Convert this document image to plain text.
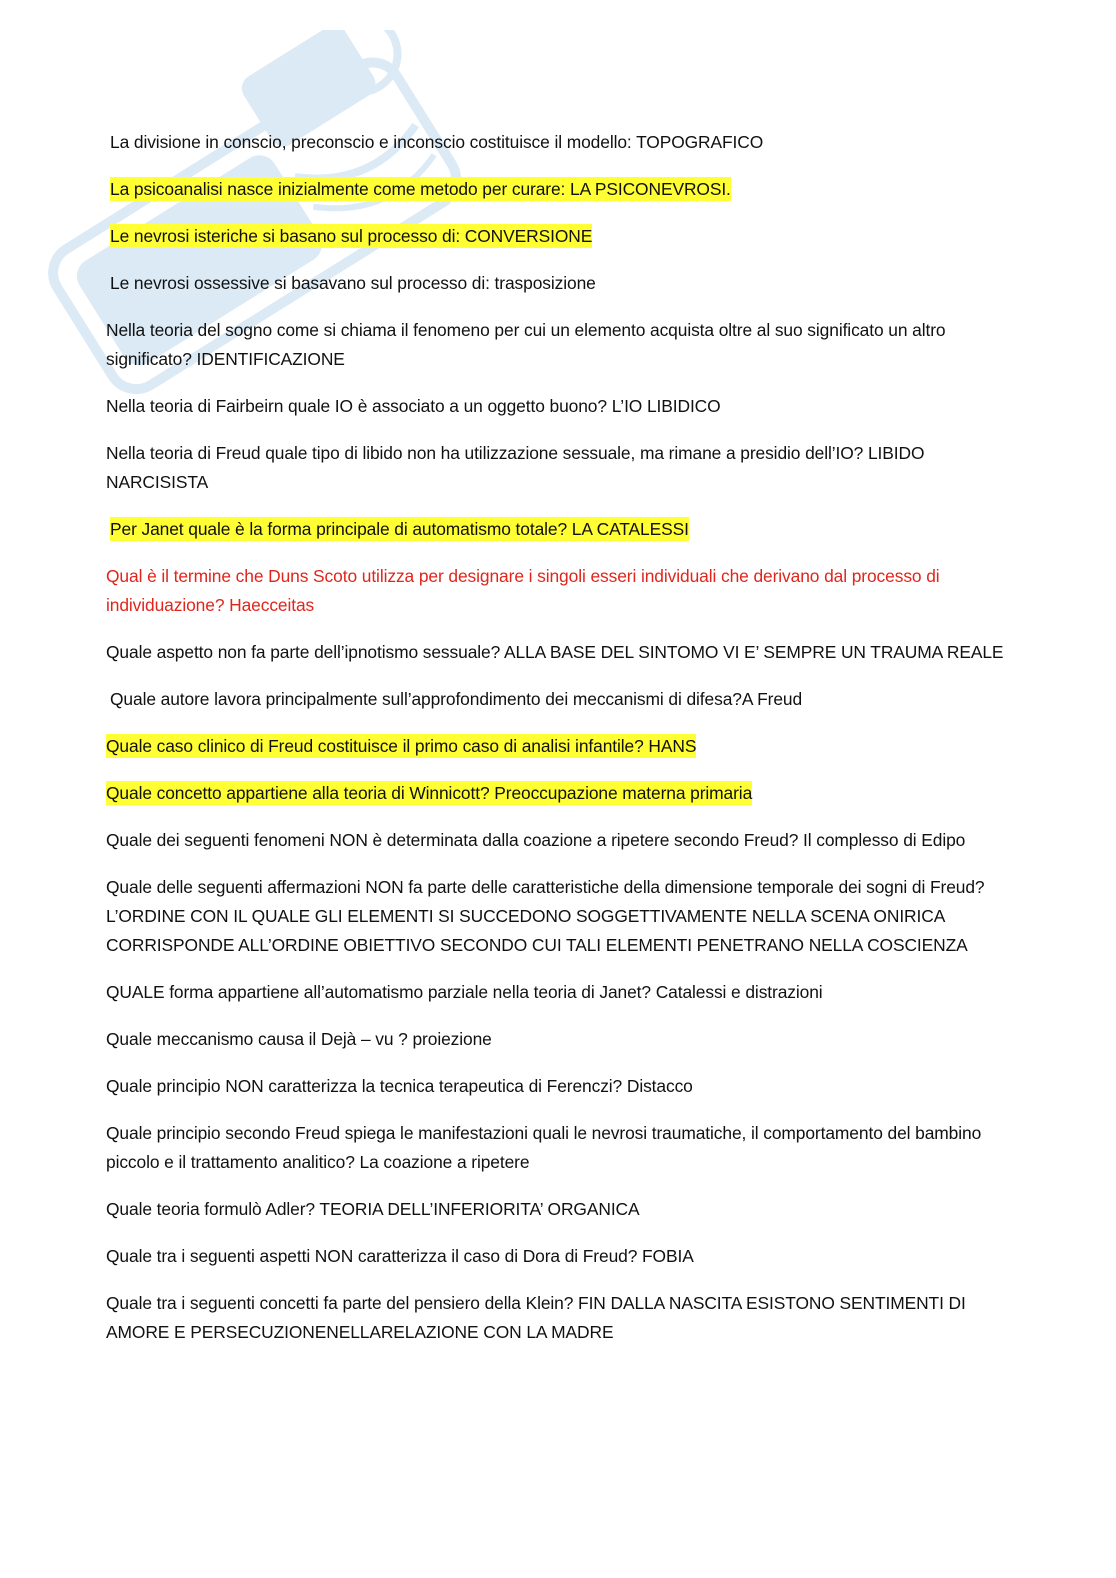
La divisione in conscio, preconscio e inconscio costituisce il modello: TOPOGRAFICO

La psicoanalisi nasce inizialmente come metodo per curare: LA PSICONEVROSI.

Le nevrosi isteriche si basano sul processo di: CONVERSIONE

Le nevrosi ossessive si basavano sul processo di: trasposizione

Nella teoria del sogno come si chiama il fenomeno per cui un elemento acquista oltre al suo significato un altro significato? IDENTIFICAZIONE

Nella teoria di Fairbeirn quale IO è associato a un oggetto buono? L’IO LIBIDICO

Nella teoria di Freud quale tipo di libido non ha utilizzazione sessuale, ma rimane a presidio dell’IO? LIBIDO NARCISISTA

Per Janet quale è la forma principale di automatismo totale? LA CATALESSI

Qual è il termine che Duns Scoto utilizza per designare i singoli esseri individuali che derivano dal processo di individuazione? Haecceitas

Quale aspetto non fa parte dell’ipnotismo sessuale? ALLA BASE DEL SINTOMO VI E’ SEMPRE UN TRAUMA REALE

Quale autore lavora principalmente sull’approfondimento dei meccanismi di difesa?A Freud

Quale caso clinico di Freud costituisce il primo caso di analisi infantile? HANS

Quale concetto appartiene alla teoria di Winnicott? Preoccupazione materna primaria

Quale dei seguenti fenomeni NON è determinata dalla coazione a ripetere secondo Freud? Il complesso di Edipo

Quale delle seguenti affermazioni NON fa parte delle caratteristiche della dimensione temporale dei sogni di Freud? L’ORDINE CON IL QUALE GLI ELEMENTI SI SUCCEDONO SOGGETTIVAMENTE NELLA SCENA ONIRICA CORRISPONDE ALL’ORDINE OBIETTIVO SECONDO CUI TALI ELEMENTI PENETRANO NELLA COSCIENZA

QUALE forma appartiene all’automatismo parziale nella teoria di Janet? Catalessi e distrazioni

Quale meccanismo causa il Dejà – vu ? proiezione

Quale principio NON caratterizza la tecnica terapeutica di Ferenczi? Distacco

Quale principio secondo Freud spiega le manifestazioni quali le nevrosi traumatiche, il comportamento del bambino piccolo e il trattamento analitico? La coazione a ripetere

Quale teoria formulò Adler? TEORIA DELL’INFERIORITA’ ORGANICA

Quale tra i seguenti aspetti NON caratterizza il caso di Dora di Freud? FOBIA

Quale tra i seguenti concetti fa parte del pensiero della Klein? FIN DALLA NASCITA ESISTONO SENTIMENTI DI AMORE E PERSECUZIONENELLARELAZIONE CON LA MADRE
